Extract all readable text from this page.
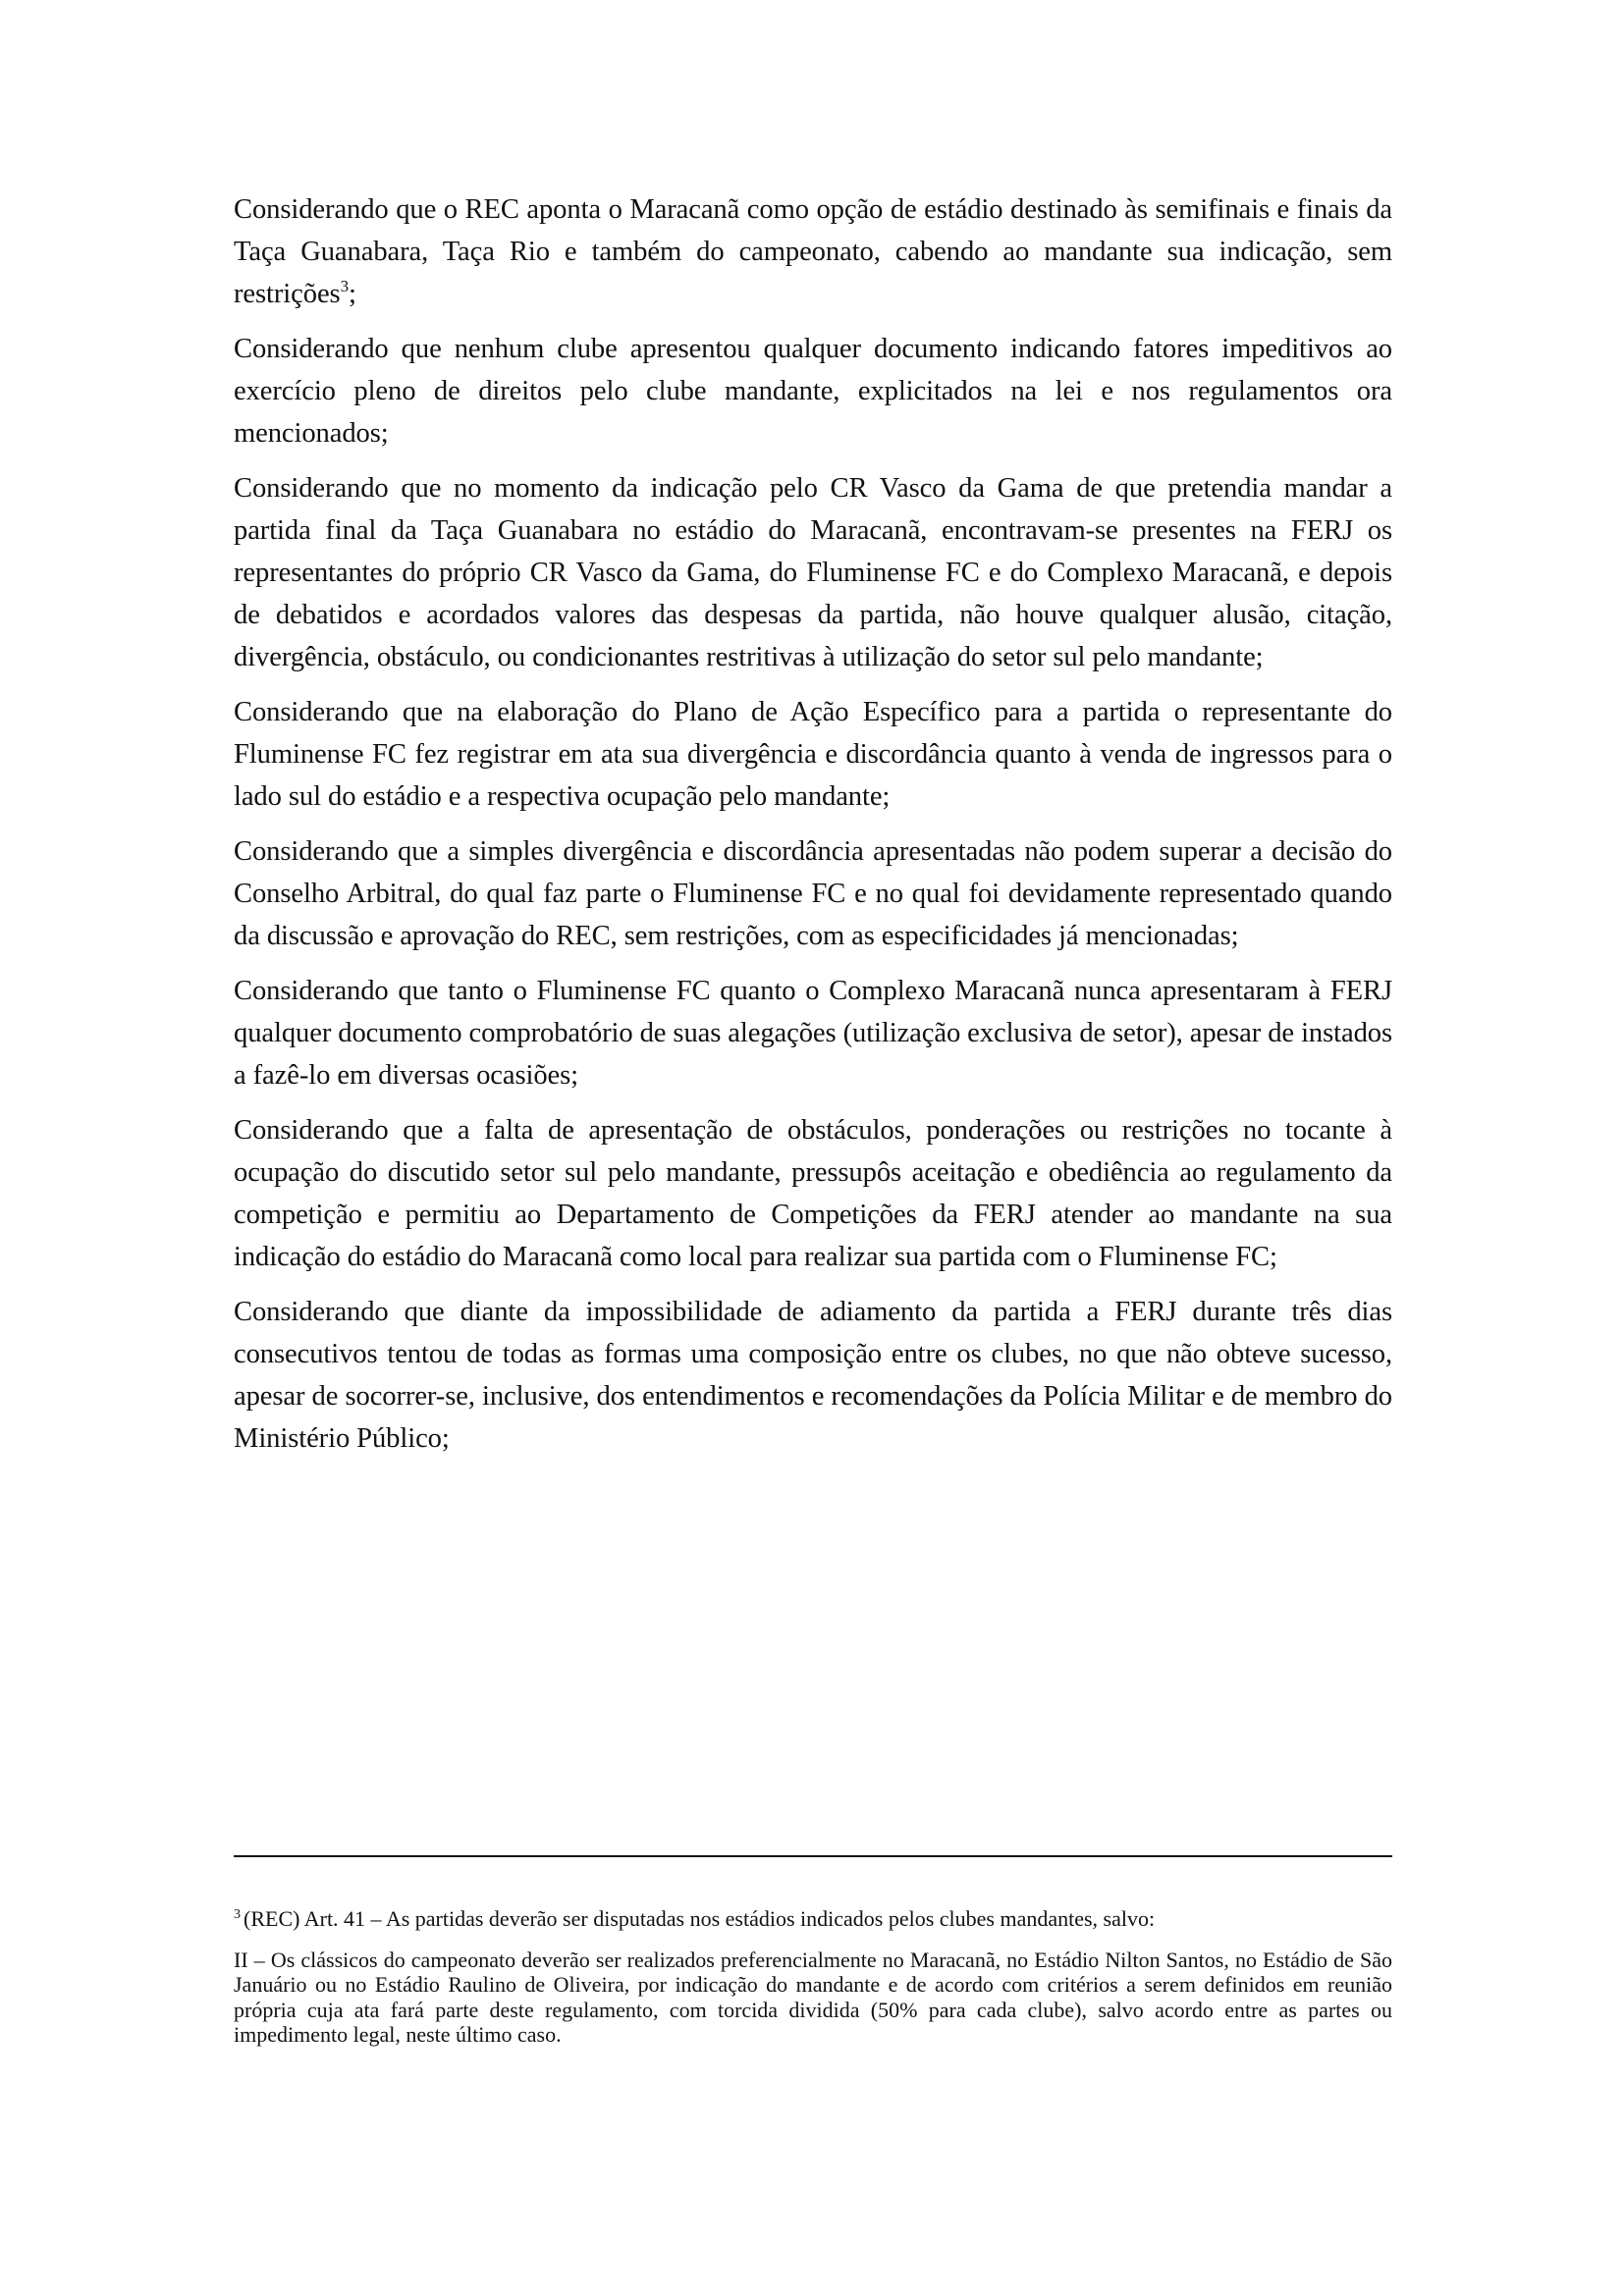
Considerando que o REC aponta o Maracanã como opção de estádio destinado às semifinais e finais da Taça Guanabara, Taça Rio e também do campeonato, cabendo ao mandante sua indicação, sem restrições$^3$;

Considerando que nenhum clube apresentou qualquer documento indicando fatores impeditivos ao exercício pleno de direitos pelo clube mandante, explicitados na lei e nos regulamentos ora mencionados;

Considerando que no momento da indicação pelo CR Vasco da Gama de que pretendia mandar a partida final da Taça Guanabara no estádio do Maracanã, encontravam-se presentes na FERJ os representantes do próprio CR Vasco da Gama, do Fluminense FC e do Complexo Maracanã, e depois de debatidos e acordados valores das despesas da partida, não houve qualquer alusão, citação, divergência, obstáculo, ou condicionantes restritivas à utilização do setor sul pelo mandante;

Considerando que na elaboração do Plano de Ação Específico para a partida o representante do Fluminense FC fez registrar em ata sua divergência e discordância quanto à venda de ingressos para o lado sul do estádio e a respectiva ocupação pelo mandante;

Considerando que a simples divergência e discordância apresentadas não podem superar a decisão do Conselho Arbitral, do qual faz parte o Fluminense FC e no qual foi devidamente representado quando da discussão e aprovação do REC, sem restrições, com as especificidades já mencionadas;

Considerando que tanto o Fluminense FC quanto o Complexo Maracanã nunca apresentaram à FERJ qualquer documento comprobatório de suas alegações (utilização exclusiva de setor), apesar de instados a fazê-lo em diversas ocasiões;

Considerando que a falta de apresentação de obstáculos, ponderações ou restrições no tocante à ocupação do discutido setor sul pelo mandante, pressupôs aceitação e obediência ao regulamento da competição e permitiu ao Departamento de Competições da FERJ atender ao mandante na sua indicação do estádio do Maracanã como local para realizar sua partida com o Fluminense FC;

Considerando que diante da impossibilidade de adiamento da partida a FERJ durante três dias consecutivos tentou de todas as formas uma composição entre os clubes, no que não obteve sucesso, apesar de socorrer-se, inclusive, dos entendimentos e recomendações da Polícia Militar e de membro do Ministério Público;

$^3$ (REC) Art. 41 – As partidas deverão ser disputadas nos estádios indicados pelos clubes mandantes, salvo:

II – Os clássicos do campeonato deverão ser realizados preferencialmente no Maracanã, no Estádio Nilton Santos, no Estádio de São Januário ou no Estádio Raulino de Oliveira, por indicação do mandante e de acordo com critérios a serem definidos em reunião própria cuja ata fará parte deste regulamento, com torcida dividida (50% para cada clube), salvo acordo entre as partes ou impedimento legal, neste último caso.
